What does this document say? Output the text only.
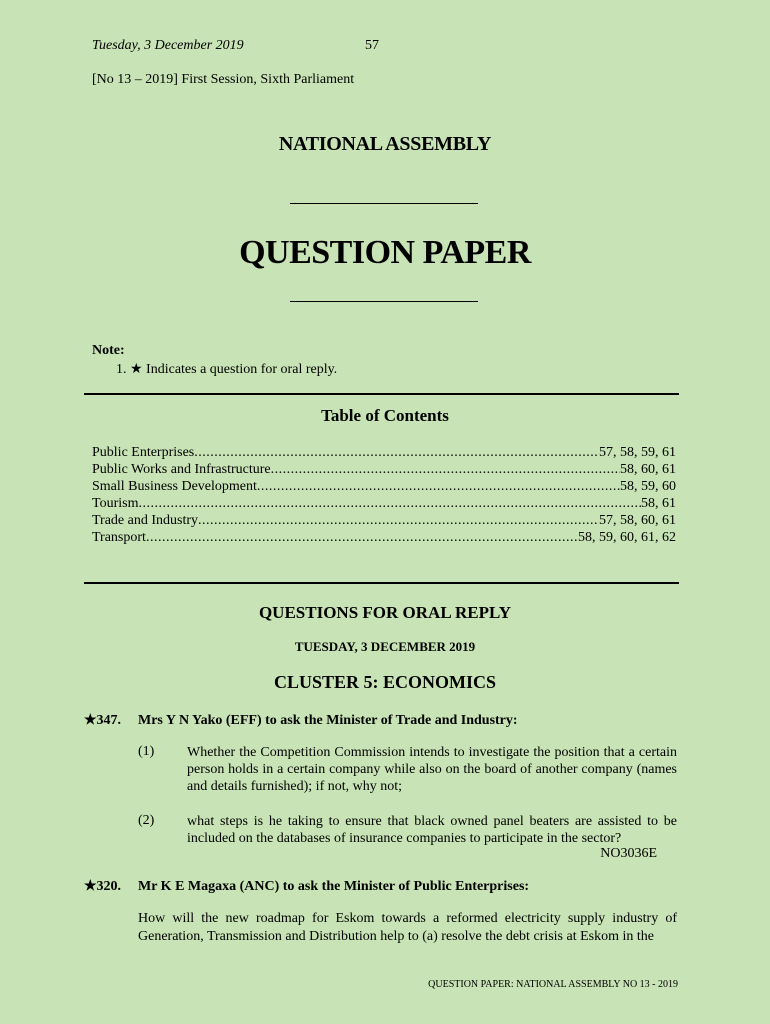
Tuesday, 3 December 2019	57
[No 13 – 2019] First Session, Sixth Parliament
NATIONAL ASSEMBLY
QUESTION PAPER
Note:
1. ★ Indicates a question for oral reply.
Table of Contents
Public Enterprises .....	57, 58, 59, 61
Public Works and Infrastructure .....	58, 60, 61
Small Business Development .....	58, 59, 60
Tourism .....	58, 61
Trade and Industry .....	57, 58, 60, 61
Transport .....	58, 59, 60, 61, 62
QUESTIONS FOR ORAL REPLY
TUESDAY, 3 DECEMBER 2019
CLUSTER 5: ECONOMICS
★347. Mrs Y N Yako (EFF) to ask the Minister of Trade and Industry:
(1) Whether the Competition Commission intends to investigate the position that a certain person holds in a certain company while also on the board of another company (names and details furnished); if not, why not;
(2) what steps is he taking to ensure that black owned panel beaters are assisted to be included on the databases of insurance companies to participate in the sector?
NO3036E
★320. Mr K E Magaxa (ANC) to ask the Minister of Public Enterprises:
How will the new roadmap for Eskom towards a reformed electricity supply industry of Generation, Transmission and Distribution help to (a) resolve the debt crisis at Eskom in the
QUESTION PAPER: NATIONAL ASSEMBLY NO 13 - 2019
